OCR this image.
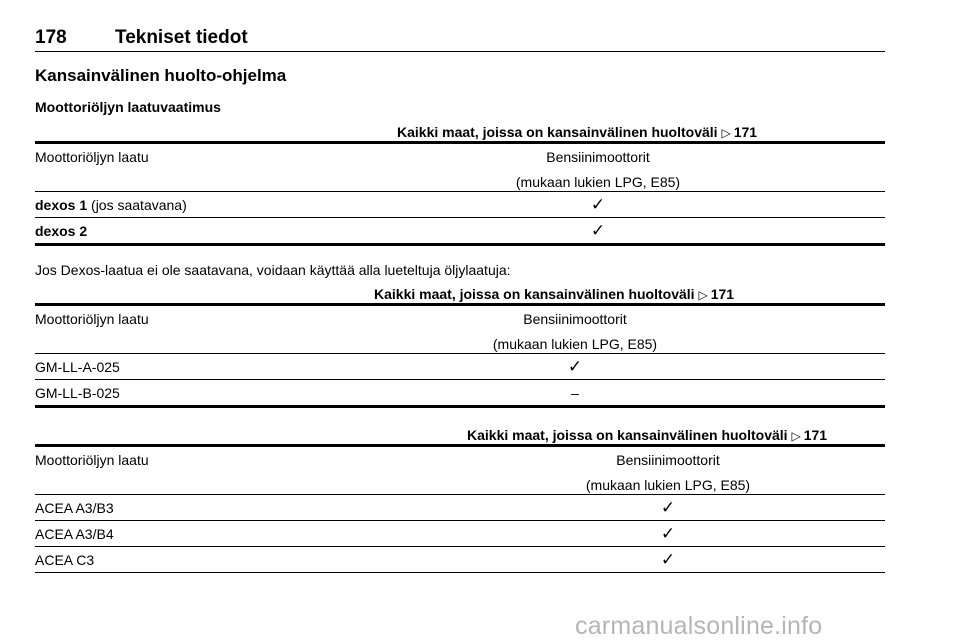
178	Tekniset tiedot
Kansainvälinen huolto-ohjelma
Moottoriöljyn laatuvaatimus
Kaikki maat, joissa on kansainvälinen huoltoväli ▷ 171
Moottoriöljyn laatu	Bensiinimoottorit
(mukaan lukien LPG, E85)
dexos 1 (jos saatavana)	✓
dexos 2	✓
Jos Dexos-laatua ei ole saatavana, voidaan käyttää alla lueteltuja öljylaatuja:
Kaikki maat, joissa on kansainvälinen huoltoväli ▷ 171
Moottoriöljyn laatu	Bensiinimoottorit
(mukaan lukien LPG, E85)
GM-LL-A-025	✓
GM-LL-B-025	–
Kaikki maat, joissa on kansainvälinen huoltoväli ▷ 171
Moottoriöljyn laatu	Bensiinimoottorit
(mukaan lukien LPG, E85)
ACEA A3/B3	✓
ACEA A3/B4	✓
ACEA C3	✓
carmanualsonline.info
